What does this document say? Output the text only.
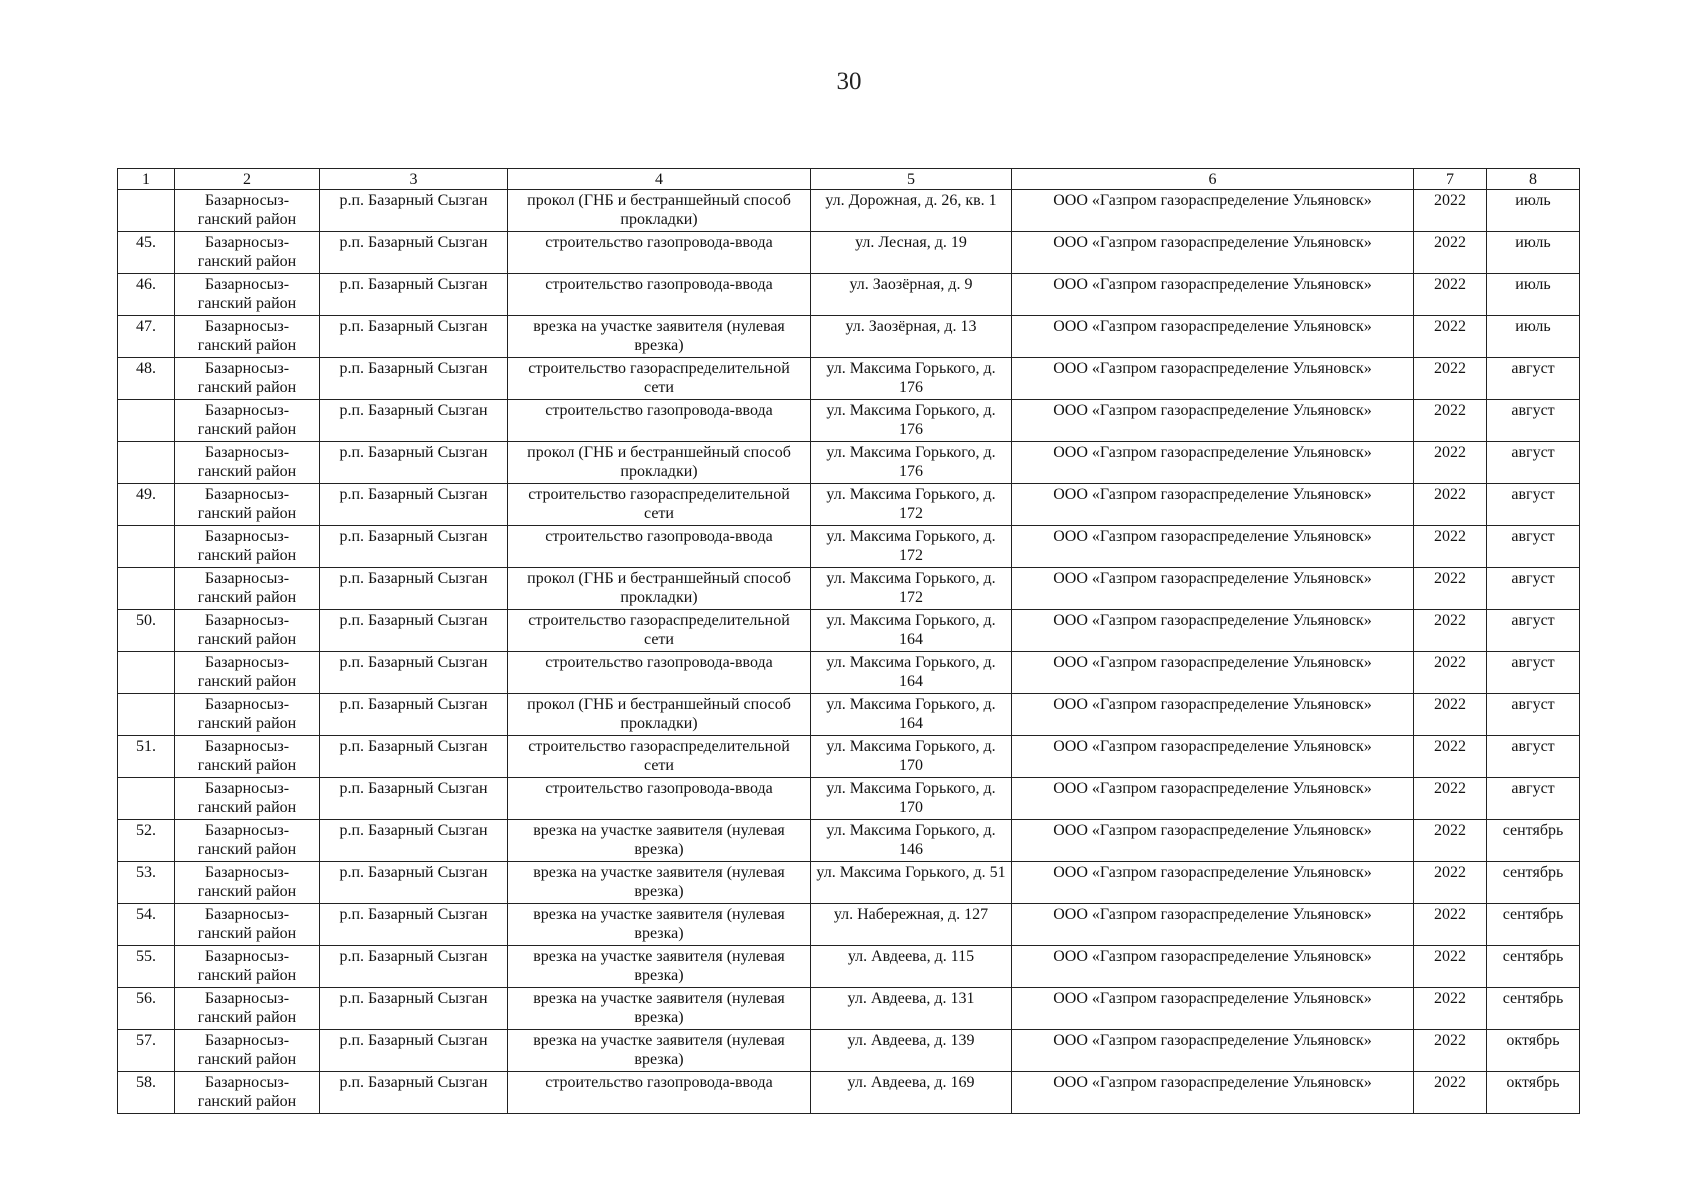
30
1	2	3	4	5	6	7	8
	Базарносыз-ганский район	р.п. Базарный Сызган	прокол (ГНБ и бестраншейный способ прокладки)	ул. Дорожная, д. 26, кв. 1	ООО «Газпром газораспределение Ульяновск»	2022	июль
45.	Базарносыз-ганский район	р.п. Базарный Сызган	строительство газопровода-ввода	ул. Лесная, д. 19	ООО «Газпром газораспределение Ульяновск»	2022	июль
46.	Базарносыз-ганский район	р.п. Базарный Сызган	строительство газопровода-ввода	ул. Заозёрная, д. 9	ООО «Газпром газораспределение Ульяновск»	2022	июль
47.	Базарносыз-ганский район	р.п. Базарный Сызган	врезка на участке заявителя (нулевая врезка)	ул. Заозёрная, д. 13	ООО «Газпром газораспределение Ульяновск»	2022	июль
48.	Базарносыз-ганский район	р.п. Базарный Сызган	строительство газораспределительной сети	ул. Максима Горького, д. 176	ООО «Газпром газораспределение Ульяновск»	2022	август
	Базарносыз-ганский район	р.п. Базарный Сызган	строительство газопровода-ввода	ул. Максима Горького, д. 176	ООО «Газпром газораспределение Ульяновск»	2022	август
	Базарносыз-ганский район	р.п. Базарный Сызган	прокол (ГНБ и бестраншейный способ прокладки)	ул. Максима Горького, д. 176	ООО «Газпром газораспределение Ульяновск»	2022	август
49.	Базарносыз-ганский район	р.п. Базарный Сызган	строительство газораспределительной сети	ул. Максима Горького, д. 172	ООО «Газпром газораспределение Ульяновск»	2022	август
	Базарносыз-ганский район	р.п. Базарный Сызган	строительство газопровода-ввода	ул. Максима Горького, д. 172	ООО «Газпром газораспределение Ульяновск»	2022	август
	Базарносыз-ганский район	р.п. Базарный Сызган	прокол (ГНБ и бестраншейный способ прокладки)	ул. Максима Горького, д. 172	ООО «Газпром газораспределение Ульяновск»	2022	август
50.	Базарносыз-ганский район	р.п. Базарный Сызган	строительство газораспределительной сети	ул. Максима Горького, д. 164	ООО «Газпром газораспределение Ульяновск»	2022	август
	Базарносыз-ганский район	р.п. Базарный Сызган	строительство газопровода-ввода	ул. Максима Горького, д. 164	ООО «Газпром газораспределение Ульяновск»	2022	август
	Базарносыз-ганский район	р.п. Базарный Сызган	прокол (ГНБ и бестраншейный способ прокладки)	ул. Максима Горького, д. 164	ООО «Газпром газораспределение Ульяновск»	2022	август
51.	Базарносыз-ганский район	р.п. Базарный Сызган	строительство газораспределительной сети	ул. Максима Горького, д. 170	ООО «Газпром газораспределение Ульяновск»	2022	август
	Базарносыз-ганский район	р.п. Базарный Сызган	строительство газопровода-ввода	ул. Максима Горького, д. 170	ООО «Газпром газораспределение Ульяновск»	2022	август
52.	Базарносыз-ганский район	р.п. Базарный Сызган	врезка на участке заявителя (нулевая врезка)	ул. Максима Горького, д. 146	ООО «Газпром газораспределение Ульяновск»	2022	сентябрь
53.	Базарносыз-ганский район	р.п. Базарный Сызган	врезка на участке заявителя (нулевая врезка)	ул. Максима Горького, д. 51	ООО «Газпром газораспределение Ульяновск»	2022	сентябрь
54.	Базарносыз-ганский район	р.п. Базарный Сызган	врезка на участке заявителя (нулевая врезка)	ул. Набережная, д. 127	ООО «Газпром газораспределение Ульяновск»	2022	сентябрь
55.	Базарносыз-ганский район	р.п. Базарный Сызган	врезка на участке заявителя (нулевая врезка)	ул. Авдеева, д. 115	ООО «Газпром газораспределение Ульяновск»	2022	сентябрь
56.	Базарносыз-ганский район	р.п. Базарный Сызган	врезка на участке заявителя (нулевая врезка)	ул. Авдеева, д. 131	ООО «Газпром газораспределение Ульяновск»	2022	сентябрь
57.	Базарносыз-ганский район	р.п. Базарный Сызган	врезка на участке заявителя (нулевая врезка)	ул. Авдеева, д. 139	ООО «Газпром газораспределение Ульяновск»	2022	октябрь
58.	Базарносыз-ганский район	р.п. Базарный Сызган	строительство газопровода-ввода	ул. Авдеева, д. 169	ООО «Газпром газораспределение Ульяновск»	2022	октябрь
